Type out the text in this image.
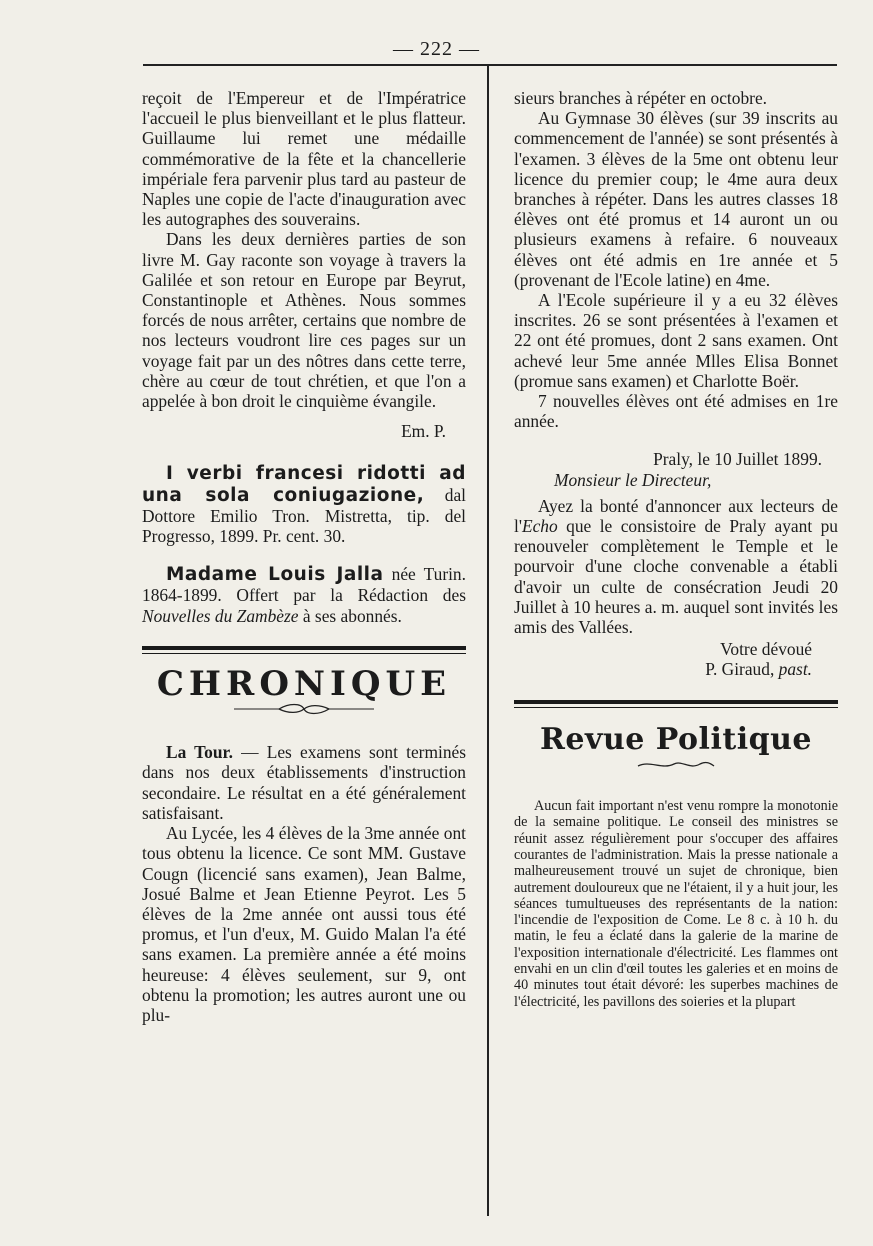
— 222 —

reçoit de l'Empereur et de l'Impératrice l'accueil le plus bienveillant et le plus flatteur. Guillaume lui remet une médaille commémorative de la fête et la chancellerie impériale fera parvenir plus tard au pasteur de Naples une copie de l'acte d'inauguration avec les autographes des souverains.

Dans les deux dernières parties de son livre M. Gay raconte son voyage à travers la Galilée et son retour en Europe par Beyrut, Constantinople et Athènes. Nous sommes forcés de nous arrêter, certains que nombre de nos lecteurs voudront lire ces pages sur un voyage fait par un des nôtres dans cette terre, chère au cœur de tout chrétien, et que l'on a appelée à bon droit le cinquième évangile.

Em. P.

I verbi francesi ridotti ad una sola coniugazione, dal Dottore Emilio Tron. Mistretta, tip. del Progresso, 1899. Pr. cent. 30.

Madame Louis Jalla née Turin. 1864-1899. Offert par la Rédaction des Nouvelles du Zambèze à ses abonnés.

CHRONIQUE

La Tour. — Les examens sont terminés dans nos deux établissements d'instruction secondaire. Le résultat en a été généralement satisfaisant.

Au Lycée, les 4 élèves de la 3me année ont tous obtenu la licence. Ce sont MM. Gustave Cougn (licencié sans examen), Jean Balme, Josué Balme et Jean Etienne Peyrot. Les 5 élèves de la 2me année ont aussi tous été promus, et l'un d'eux, M. Guido Malan l'a été sans examen. La première année a été moins heureuse: 4 élèves seulement, sur 9, ont obtenu la promotion; les autres auront une ou plu-

sieurs branches à répéter en octobre.

Au Gymnase 30 élèves (sur 39 inscrits au commencement de l'année) se sont présentés à l'examen. 3 élèves de la 5me ont obtenu leur licence du premier coup; le 4me aura deux branches à répéter. Dans les autres classes 18 élèves ont été promus et 14 auront un ou plusieurs examens à refaire. 6 nouveaux élèves ont été admis en 1re année et 5 (provenant de l'Ecole latine) en 4me.

A l'Ecole supérieure il y a eu 32 élèves inscrites. 26 se sont présentées à l'examen et 22 ont été promues, dont 2 sans examen. Ont achevé leur 5me année Mlles Elisa Bonnet (promue sans examen) et Charlotte Boër.

7 nouvelles élèves ont été admises en 1re année.

Praly, le 10 Juillet 1899.

Monsieur le Directeur,

Ayez la bonté d'annoncer aux lecteurs de l'Echo que le consistoire de Praly ayant pu renouveler complètement le Temple et le pourvoir d'une cloche convenable a établi d'avoir un culte de consécration Jeudi 20 Juillet à 10 heures a. m. auquel sont invités les amis des Vallées.

Votre dévoué

P. Giraud, past.

Revue Politique

Aucun fait important n'est venu rompre la monotonie de la semaine politique. Le conseil des ministres se réunit assez régulièrement pour s'occuper des affaires courantes de l'administration. Mais la presse nationale a malheureusement trouvé un sujet de chronique, bien autrement douloureux que ne l'étaient, il y a huit jour, les séances tumultueuses des représentants de la nation: l'incendie de l'exposition de Come. Le 8 c. à 10 h. du matin, le feu a éclaté dans la galerie de la marine de l'exposition internationale d'électricité. Les flammes ont envahi en un clin d'œil toutes les galeries et en moins de 40 minutes tout était dévoré: les superbes machines de l'électricité, les pavillons des soieries et la plupart
